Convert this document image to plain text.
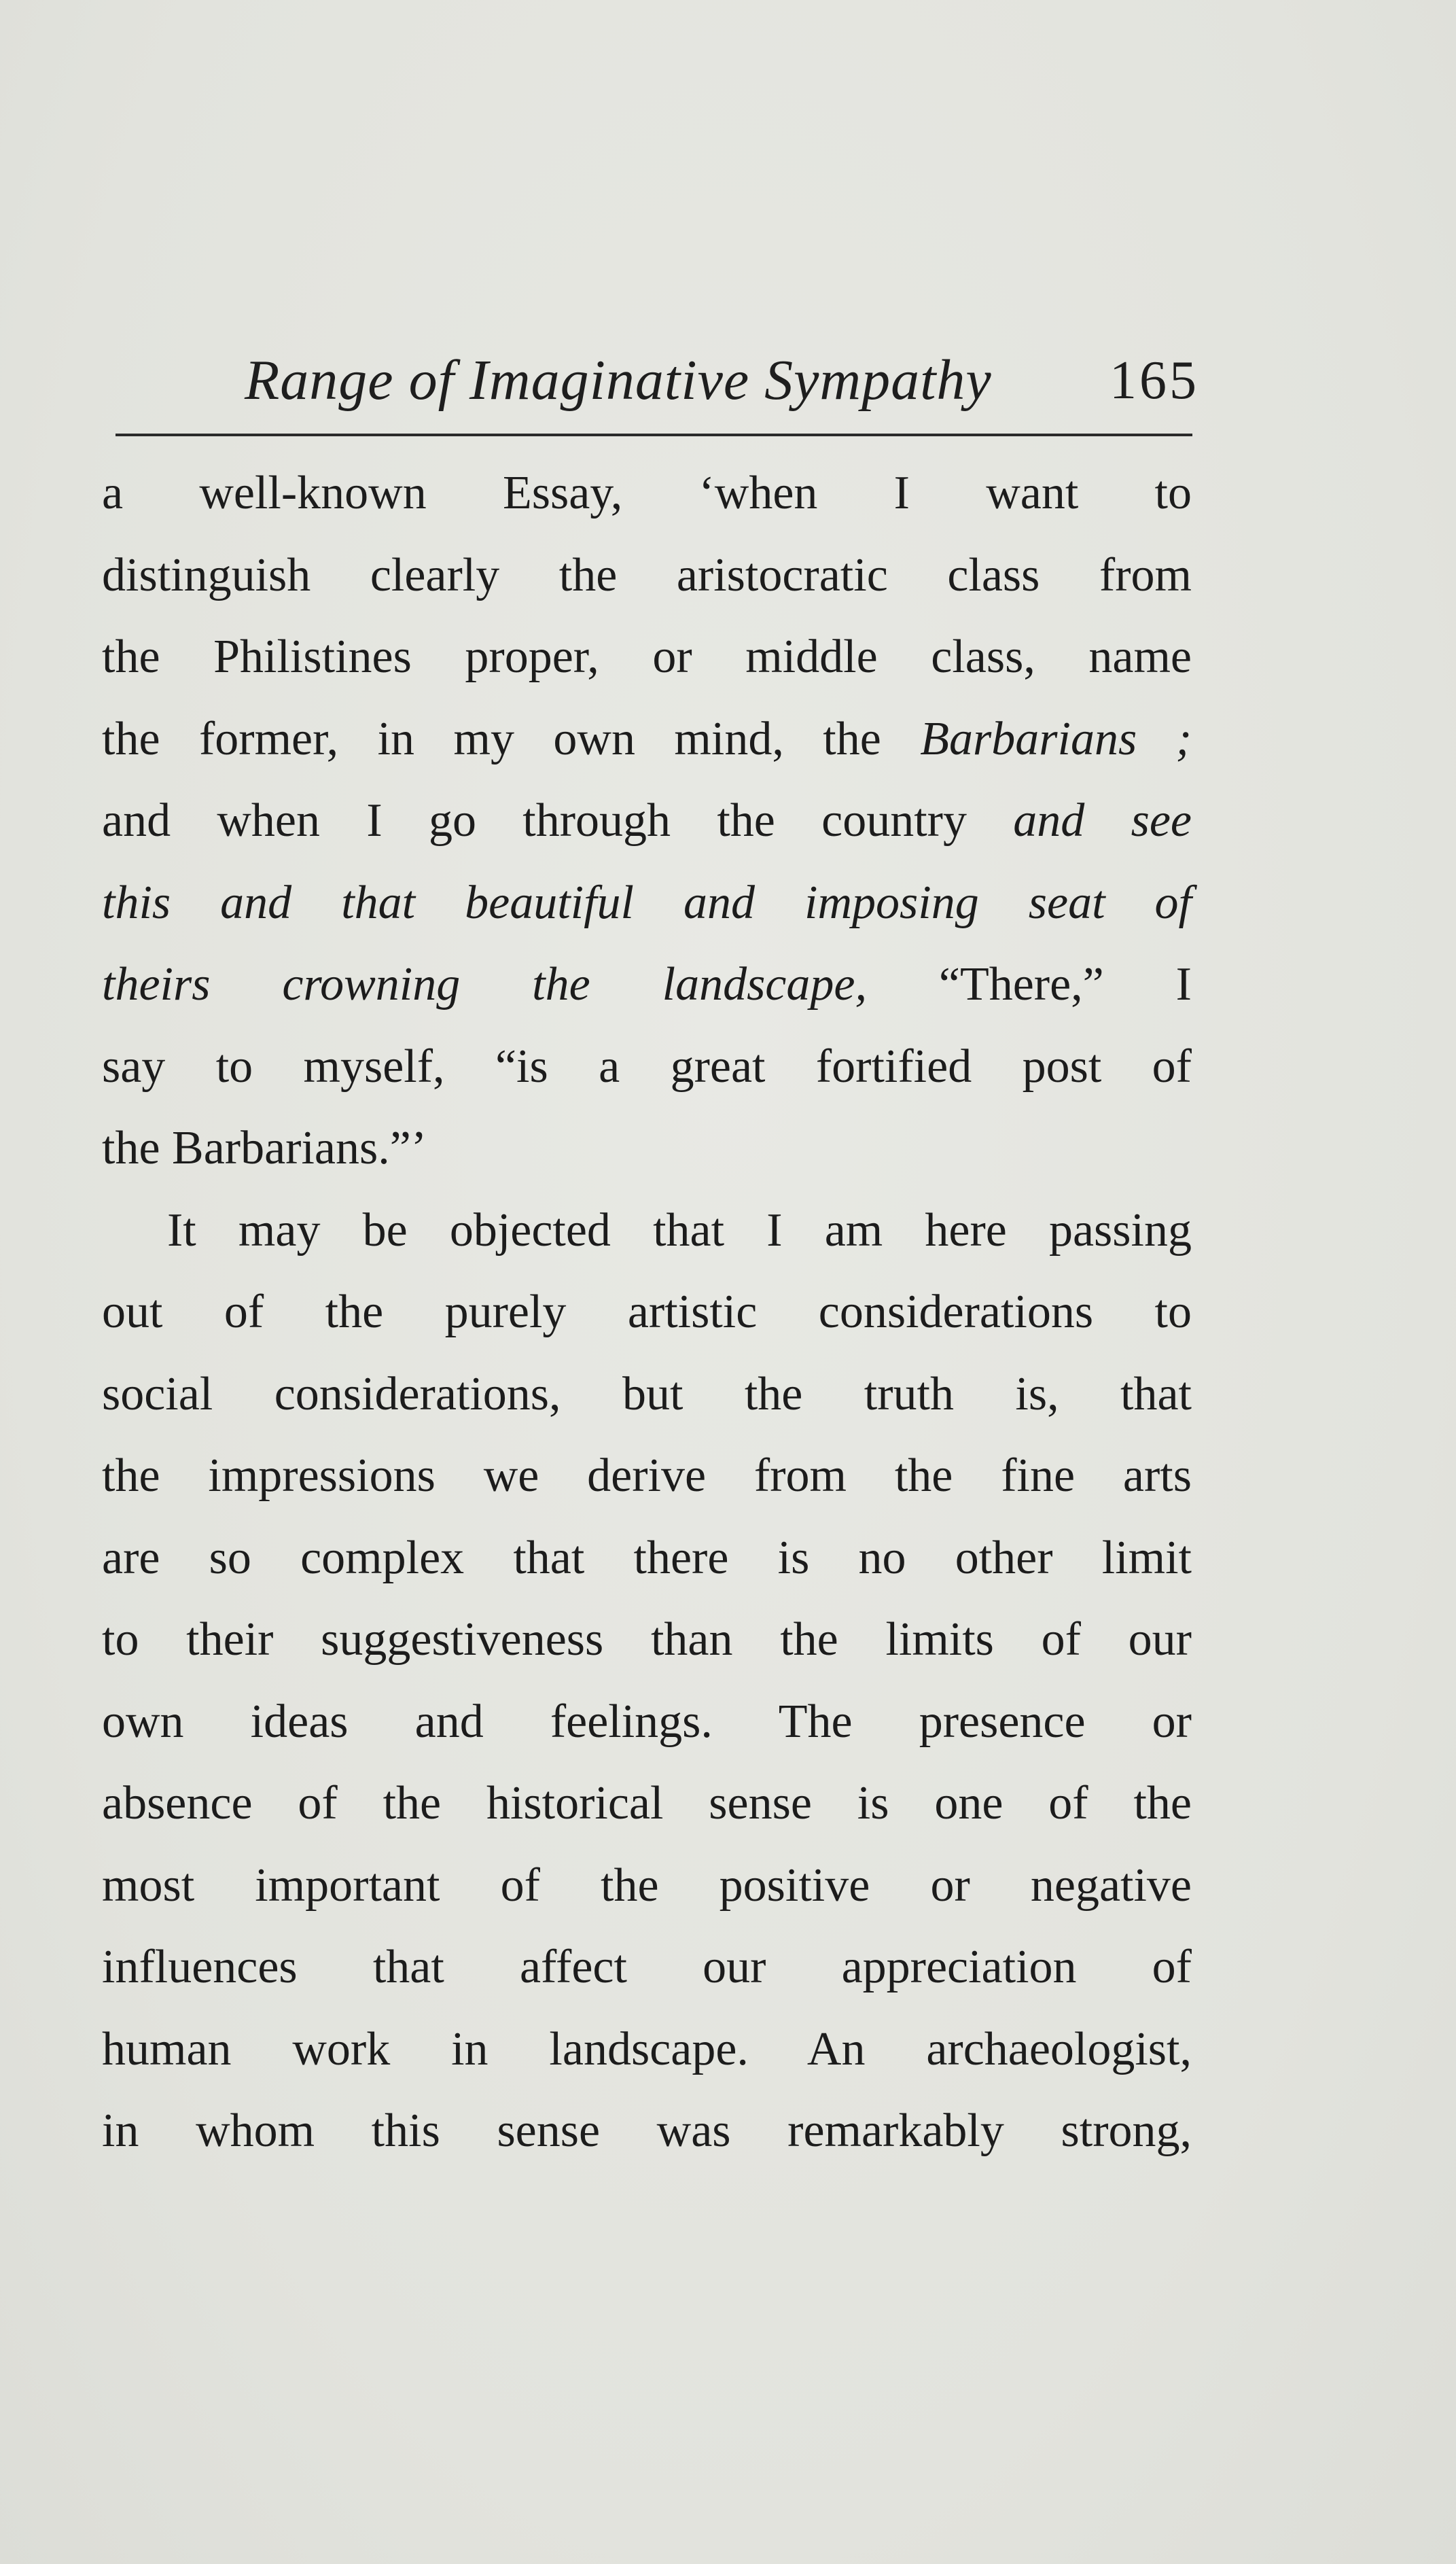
Range of Imaginative Sympathy 165
a well-known Essay, ‘when I want to
distinguish clearly the aristocratic class from
the Philistines proper, or middle class, name
the former, in my own mind, the Barbarians ;
and when I go through the country and see
this and that beautiful and imposing seat of
theirs crowning the landscape, “There,” I
say to myself, “is a great fortified post of
the Barbarians.”’
It may be objected that I am here passing
out of the purely artistic considerations to
social considerations, but the truth is, that
the impressions we derive from the fine arts
are so complex that there is no other limit
to their suggestiveness than the limits of our
own ideas and feelings. The presence or
absence of the historical sense is one of the
most important of the positive or negative
influences that affect our appreciation of
human work in landscape. An archaeologist,
in whom this sense was remarkably strong,
